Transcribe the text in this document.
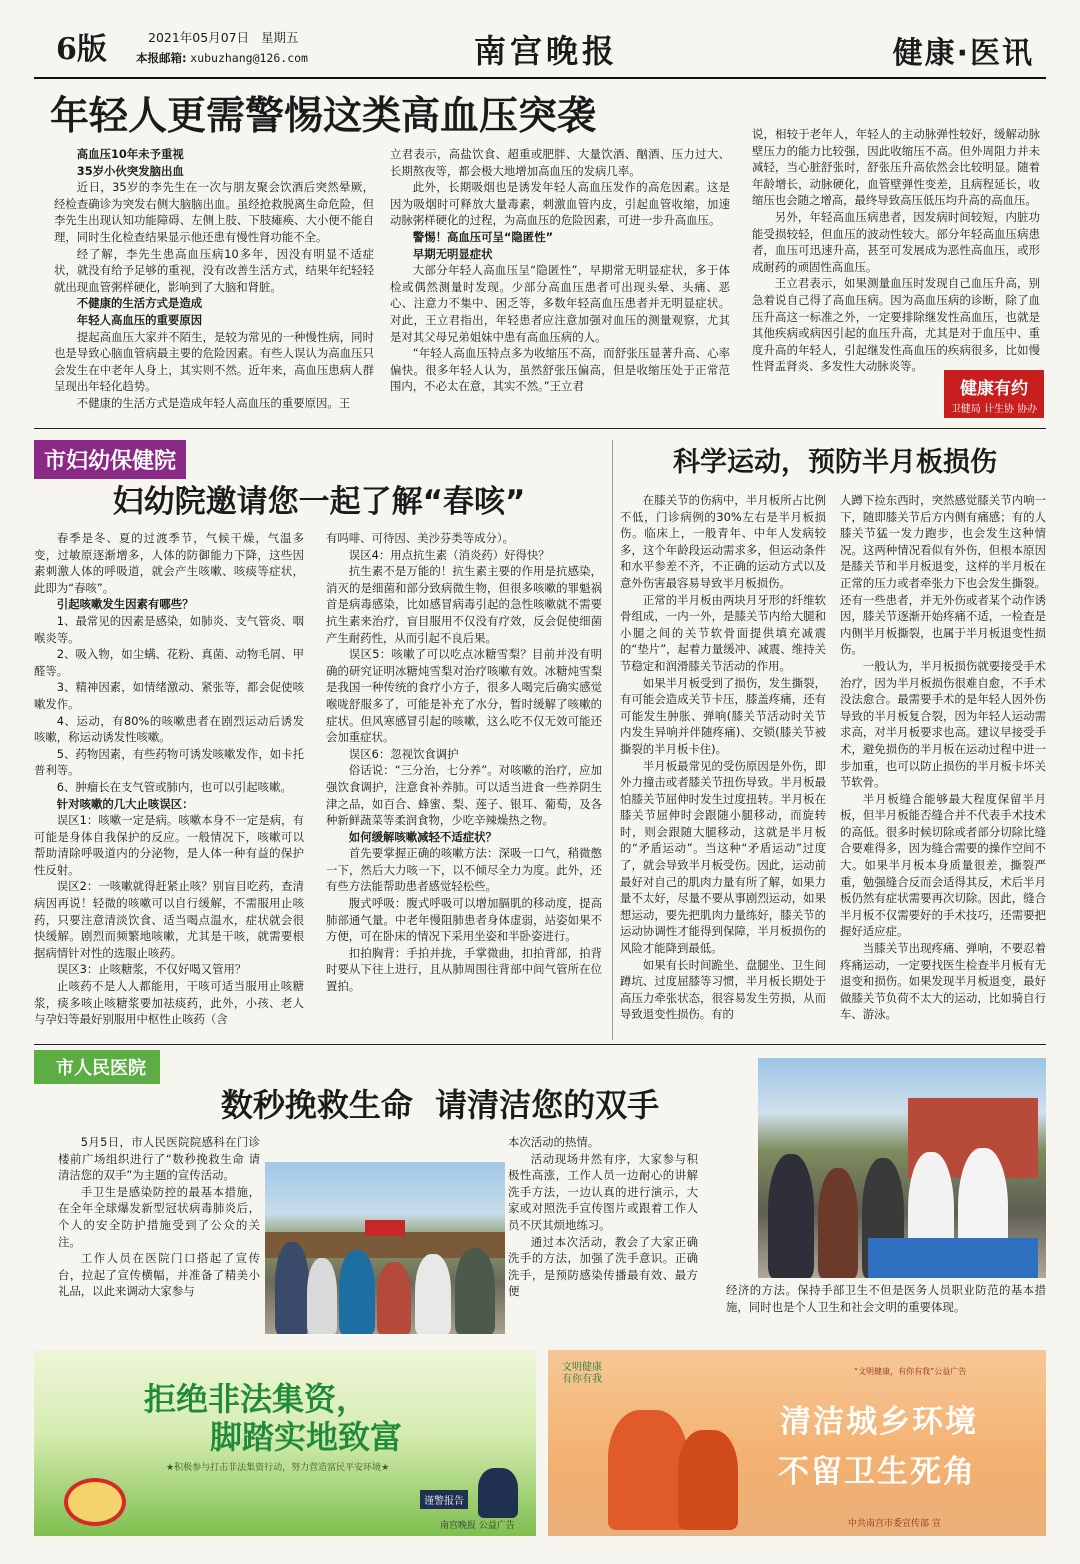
6版	2021年05月07日 星期五
本报邮箱: xubuzhang@126.com	南宫晚报	健康·医讯
年轻人更需警惕这类高血压突袭

高血压10年未予重视

35岁小伙突发脑出血

近日，35岁的李先生在一次与朋友聚会饮酒后突然晕厥，经检查确诊为突发右侧大脑脑出血。虽经抢救脱离生命危险，但李先生出现认知功能障碍、左侧上肢、下肢瘫痪、大小便不能自理，同时生化检查结果显示他还患有慢性肾功能不全。

经了解，李先生患高血压病10多年，因没有明显不适症状，就没有给予足够的重视，没有改善生活方式，结果年纪轻轻就出现血管粥样硬化，影响到了大脑和肾脏。

不健康的生活方式是造成

年轻人高血压的重要原因

提起高血压大家并不陌生，是较为常见的一种慢性病，同时也是导致心脑血管病最主要的危险因素。有些人误认为高血压只会发生在中老年人身上，其实则不然。近年来，高血压患病人群呈现出年轻化趋势。

不健康的生活方式是造成年轻人高血压的重要原因。王

立君表示，高盐饮食、超重或肥胖、大量饮酒、酗酒、压力过大、长期熬夜等，都会极大地增加高血压的发病几率。

此外，长期吸烟也是诱发年轻人高血压发作的高危因素。这是因为吸烟时可释放大量毒素，刺激血管内皮，引起血管收缩，加速动脉粥样硬化的过程，为高血压的危险因素，可进一步升高血压。

警惕！高血压可呈“隐匿性”

早期无明显症状

大部分年轻人高血压呈“隐匿性”，早期常无明显症状，多于体检或偶然测量时发现。少部分高血压患者可出现头晕、头痛、恶心、注意力不集中、困乏等，多数年轻高血压患者并无明显症状。对此，王立君指出，年轻患者应注意加强对血压的测量观察，尤其是对其父母兄弟姐妹中患有高血压病的人。

“年轻人高血压特点多为收缩压不高，而舒张压显著升高、心率偏快。很多年轻人认为，虽然舒张压偏高，但是收缩压处于正常范围内，不必太在意，其实不然。”王立君

说，相较于老年人，年轻人的主动脉弹性较好，缓解动脉壁压力的能力比较强，因此收缩压不高。但外周阻力并未减轻，当心脏舒张时，舒张压升高依然会比较明显。随着年龄增长，动脉硬化，血管壁弹性变差，且病程延长，收缩压也会随之增高，最终导致高压低压均升高的高血压。

另外，年轻高血压病患者，因发病时间较短，内脏功能受损较轻，但血压的波动性较大。部分年轻高血压病患者，血压可迅速升高，甚至可发展成为恶性高血压，或形成耐药的顽固性高血压。

王立君表示，如果测量血压时发现自己血压升高，别急着说自己得了高血压病。因为高血压病的诊断，除了血压升高这一标准之外，一定要排除继发性高血压，也就是其他疾病或病因引起的血压升高，尤其是对于血压中、重度升高的年轻人，引起继发性高血压的疾病很多，比如慢性肾盂肾炎、多发性大动脉炎等。

健康有约
卫健局 计生协 协办
市妇幼保健院
妇幼院邀请您一起了解“春咳”

春季是冬、夏的过渡季节，气候干燥，气温多变，过敏原逐渐增多，人体的防御能力下降，这些因素刺激人体的呼吸道，就会产生咳嗽、咳痰等症状，此即为“春咳”。

引起咳嗽发生因素有哪些？

1、最常见的因素是感染，如肺炎、支气管炎、咽喉炎等。

2、吸入物，如尘螨、花粉、真菌、动物毛屑、甲醛等。

3、精神因素，如情绪激动、紧张等，都会促使咳嗽发作。

4、运动，有80%的咳嗽患者在剧烈运动后诱发咳嗽，称运动诱发性咳嗽。

5、药物因素，有些药物可诱发咳嗽发作，如卡托普利等。

6、肿瘤长在支气管或肺内，也可以引起咳嗽。

针对咳嗽的几大止咳误区：

误区1：咳嗽一定是病。咳嗽本身不一定是病，有可能是身体自我保护的反应。一般情况下，咳嗽可以帮助清除呼吸道内的分泌物，是人体一种有益的保护性反射。

误区2：一咳嗽就得赶紧止咳？别盲目吃药，查清病因再说！轻微的咳嗽可以自行缓解，不需服用止咳药，只要注意清淡饮食、适当喝点温水，症状就会很快缓解。剧烈而频繁地咳嗽，尤其是干咳，就需要根据病情针对性的选服止咳药。

误区3：止咳糖浆，不仅好喝又管用？

止咳药不是人人都能用，干咳可适当服用止咳糖浆，痰多咳止咳糖浆要加祛痰药，此外，小孩、老人与孕妇等最好别服用中枢性止咳药（含

有吗啡、可待因、美沙芬类等成分）。

误区4：用点抗生素（消炎药）好得快？

抗生素不是万能的！抗生素主要的作用是抗感染，消灭的是细菌和部分致病微生物，但很多咳嗽的罪魁祸首是病毒感染，比如感冒病毒引起的急性咳嗽就不需要抗生素来治疗，盲目服用不仅没有疗效，反会促使细菌产生耐药性，从而引起不良后果。

误区5：咳嗽了可以吃点冰糖雪梨？目前并没有明确的研究证明冰糖炖雪梨对治疗咳嗽有效。冰糖炖雪梨是我国一种传统的食疗小方子，很多人喝完后确实感觉喉咙舒服多了，可能是补充了水分，暂时缓解了咳嗽的症状。但风寒感冒引起的咳嗽，这么吃不仅无效可能还会加重症状。

误区6：忽视饮食调护

俗话说：“三分治，七分养”。对咳嗽的治疗，应加强饮食调护，注意食补养肺。可以适当进食一些养阴生津之品，如百合、蜂蜜、梨、莲子、银耳、葡萄，及各种新鲜蔬菜等柔润食物，少吃辛辣燥热之物。

如何缓解咳嗽减轻不适症状？

首先要掌握正确的咳嗽方法：深吸一口气，稍微憋一下，然后大力咳一下，以不倾尽全力为度。此外，还有些方法能帮助患者感觉轻松些。

腹式呼吸：腹式呼吸可以增加膈肌的移动度，提高肺部通气量。中老年慢阻肺患者身体虚弱，站姿如果不方便，可在卧床的情况下采用坐姿和半卧姿进行。

扣拍胸背：手拍并拢，手掌微曲，扣拍背部，拍背时要从下往上进行，且从肺周围往背部中间气管所在位置拍。

科学运动，预防半月板损伤

在膝关节的伤病中，半月板所占比例不低，门诊病例的30%左右是半月板损伤。临床上，一般青年、中年人发病较多，这个年龄段运动需求多，但运动条件和水平参差不齐，不正确的运动方式以及意外伤害最容易导致半月板损伤。

正常的半月板由两块月牙形的纤维软骨组成，一内一外，是膝关节内给大腿和小腿之间的关节软骨面提供填充减震的“垫片”，起着力量缓冲、减震、维持关节稳定和润滑膝关节活动的作用。

如果半月板受到了损伤，发生撕裂，有可能会造成关节卡压，膝盖疼痛，还有可能发生肿胀、弹响(膝关节活动时关节内发生异响并伴随疼痛)、交锁(膝关节被撕裂的半月板卡住)。

半月板最常见的受伤原因是外伤，即外力撞击或者膝关节扭伤导致。半月板最怕膝关节屈伸时发生过度扭转。半月板在膝关节屈伸时会跟随小腿移动，而旋转时，则会跟随大腿移动，这就是半月板的“矛盾运动”。当这种“矛盾运动”过度了，就会导致半月板受伤。因此，运动前最好对自己的肌肉力量有所了解，如果力量不太好，尽量不要从事剧烈运动，如果想运动，要先把肌肉力量练好，膝关节的运动协调性才能得到保障，半月板损伤的风险才能降到最低。

如果有长时间跪坐、盘腿坐、卫生间蹲坑、过度屈膝等习惯，半月板长期处于高压力牵张状态，很容易发生劳损，从而导致退变性损伤。有的

人蹲下捡东西时，突然感觉膝关节内响一下，随即膝关节后方内侧有痛感；有的人膝关节猛一发力跑步，也会发生这种情况。这两种情况看似有外伤，但根本原因是膝关节和半月板退变，这样的半月板在正常的压力或者牵张力下也会发生撕裂。还有一些患者，并无外伤或者某个动作诱因，膝关节逐渐开始疼痛不适，一检查是内侧半月板撕裂，也属于半月板退变性损伤。

一般认为，半月板损伤就要接受手术治疗，因为半月板损伤很难自愈，不手术没法愈合。最需要手术的是年轻人因外伤导致的半月板复合裂，因为年轻人运动需求高，对半月板要求也高。建议早接受手术，避免损伤的半月板在运动过程中进一步加重，也可以防止损伤的半月板卡坏关节软骨。

半月板缝合能够最大程度保留半月板，但半月板能否缝合并不代表手术技术的高低。很多时候切除或者部分切除比缝合要难得多，因为缝合需要的操作空间不大。如果半月板本身质量很差，撕裂严重，勉强缝合反而会适得其反，术后半月板仍然有症状需要再次切除。因此，缝合半月板不仅需要好的手术技巧，还需要把握好适应症。

当膝关节出现疼痛、弹响，不要忍着疼痛运动，一定要找医生检查半月板有无退变和损伤。如果发现半月板退变，最好做膝关节负荷不太大的运动，比如骑自行车、游泳。

市人民医院
数秒挽救生命  请清洁您的双手

5月5日，市人民医院院感科在门诊楼前广场组织进行了“数秒挽救生命 请清洁您的双手”为主题的宣传活动。

手卫生是感染防控的最基本措施，在全年全球爆发新型冠状病毒肺炎后，个人的安全防护措施受到了公众的关注。

工作人员在医院门口搭起了宣传台，拉起了宣传横幅，并准备了精美小礼品，以此来调动大家参与

本次活动的热情。

活动现场井然有序，大家参与积极性高涨，工作人员一边耐心的讲解洗手方法，一边认真的进行演示，大家或对照洗手宣传图片或跟着工作人员不厌其烦地练习。

通过本次活动，教会了大家正确洗手的方法，加强了洗手意识。正确洗手，是预防感染传播最有效、最方便	经济的方法。保持手部卫生不但是医务人员职业防范的基本措施，同时也是个人卫生和社会文明的重要体现。

拒绝非法集资，
脚踏实地致富
★积极参与打击非法集资行动，努力营造富民平安环境★
谨警报告
南宫晚报 公益广告
文明健康
有你有我
“文明健康，有你有我”公益广告
清洁城乡环境
不留卫生死角
中共南宫市委宣传部 宣
